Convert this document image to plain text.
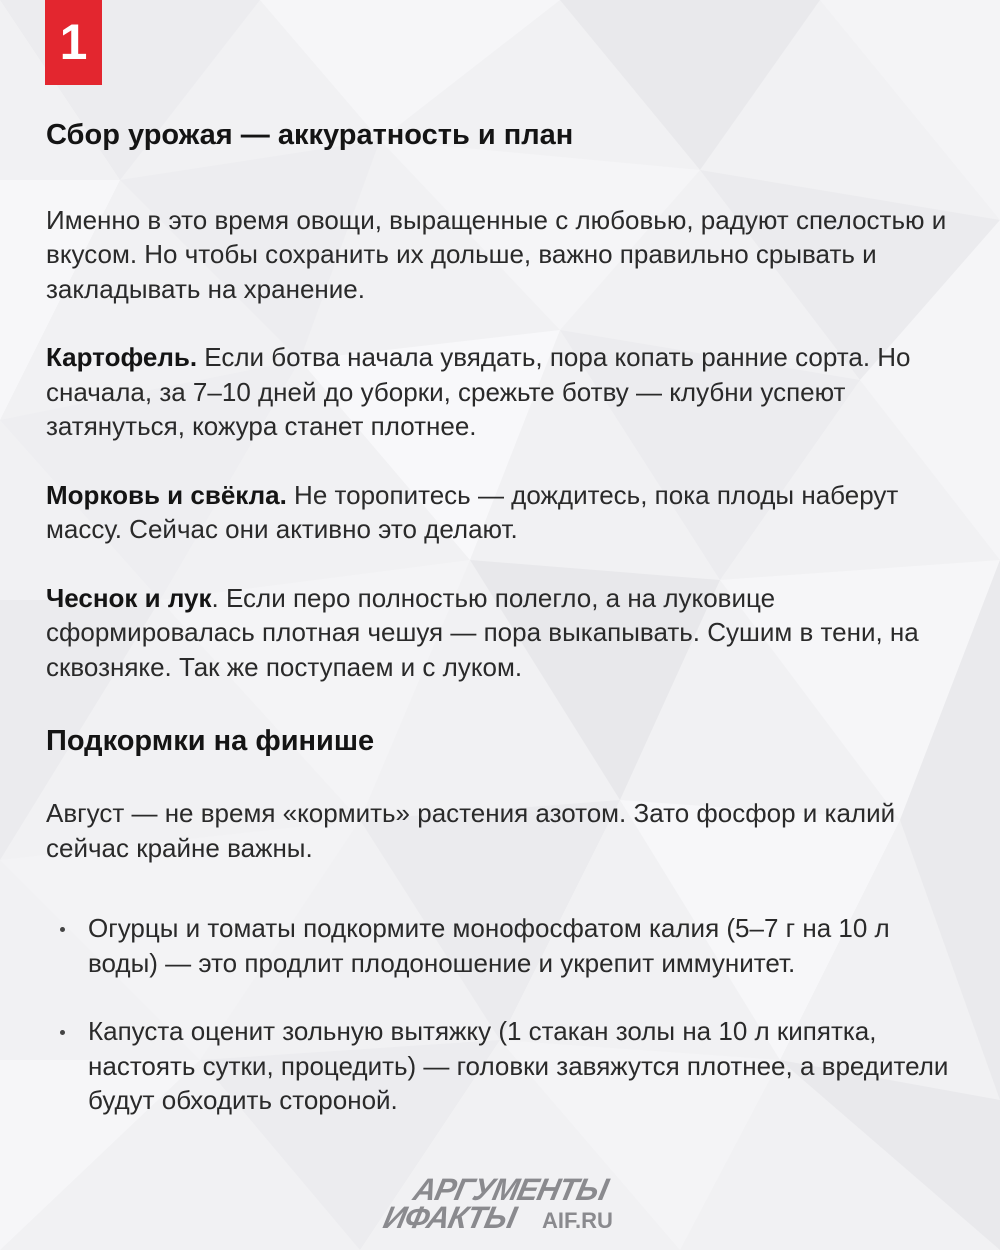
1
Сбор урожая — аккуратность и план

Именно в это время овощи, выращенные с любовью, радуют спелостью и вкусом. Но чтобы сохранить их дольше, важно правильно срывать и закладывать на хранение.

Картофель. Если ботва начала увядать, пора копать ранние сорта. Но сначала, за 7–10 дней до уборки, срежьте ботву — клубни успеют затянуться, кожура станет плотнее.

Морковь и свёкла. Не торопитесь — дождитесь, пока плоды наберут массу. Сейчас они активно это делают.

Чеснок и лук. Если перо полностью полегло, а на луковице сформировалась плотная чешуя — пора выкапывать. Сушим в тени, на сквозняке. Так же поступаем и с луком.

Подкормки на финише

Август — не время «кормить» растения азотом. Зато фосфор и калий сейчас крайне важны.

Огурцы и томаты подкормите монофосфатом калия (5–7 г на 10 л воды) — это продлит плодоношение и укрепит иммунитет.
Капуста оценит зольную вытяжку (1 стакан золы на 10 л кипятка, настоять сутки, процедить) — головки завяжутся плотнее, а вредители будут обходить стороной.
АРГУМЕНТЫ
ИФАКТЫ AIF.RU
